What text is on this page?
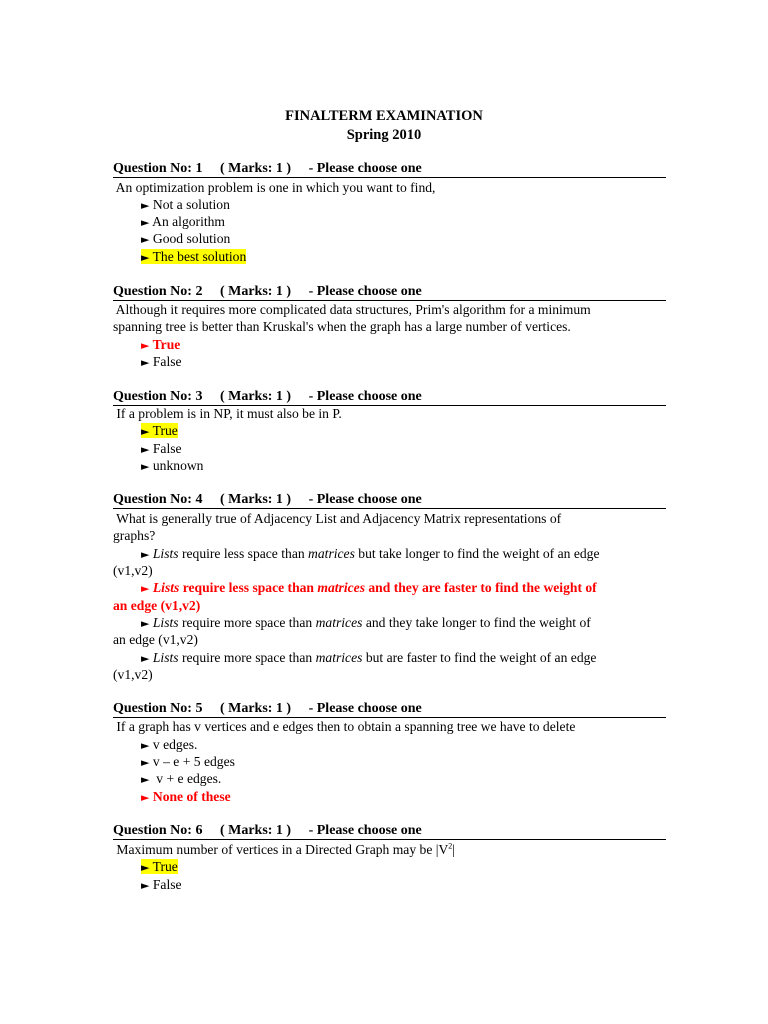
FINALTERM EXAMINATION
Spring 2010
Question No: 1     ( Marks: 1 )     - Please choose one
An optimization problem is one in which you want to find,
► Not a solution
► An algorithm
► Good solution
► The best solution
Question No: 2     ( Marks: 1 )     - Please choose one
Although it requires more complicated data structures, Prim's algorithm for a minimum
spanning tree is better than Kruskal's when the graph has a large number of vertices.
► True
► False
Question No: 3     ( Marks: 1 )     - Please choose one
If a problem is in NP, it must also be in P.
► True
► False
► unknown
Question No: 4     ( Marks: 1 )     - Please choose one
What is generally true of Adjacency List and Adjacency Matrix representations of
graphs?
► Lists require less space than matrices but take longer to find the weight of an edge
(v1,v2)
► Lists require less space than matrices and they are faster to find the weight of
an edge (v1,v2)
► Lists require more space than matrices and they take longer to find the weight of
an edge (v1,v2)
► Lists require more space than matrices but are faster to find the weight of an edge
(v1,v2)
Question No: 5     ( Marks: 1 )     - Please choose one
If a graph has v vertices and e edges then to obtain a spanning tree we have to delete
► v edges.
► v – e + 5 edges
►  v + e edges.
► None of these
Question No: 6     ( Marks: 1 )     - Please choose one
Maximum number of vertices in a Directed Graph may be $|V^2|$
► True
► False
